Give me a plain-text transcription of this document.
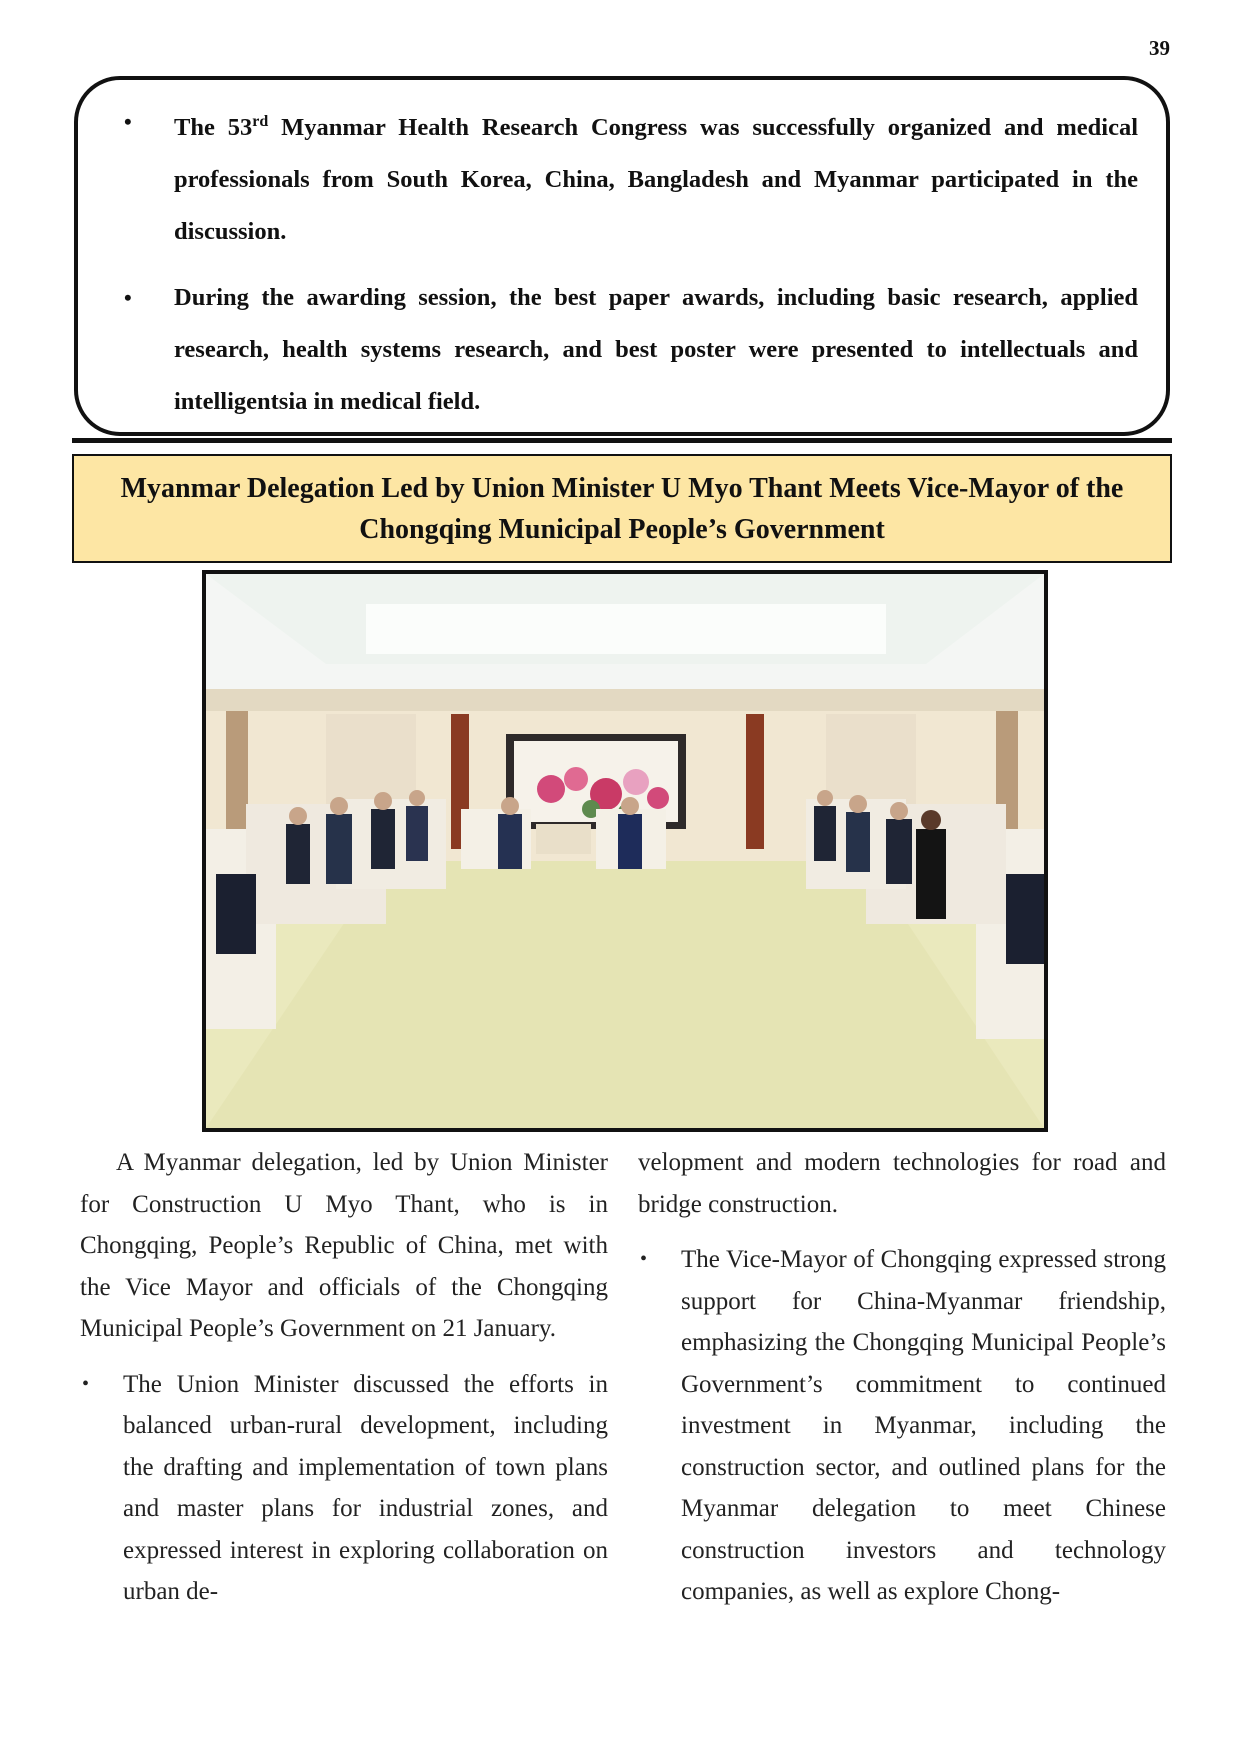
39
• The 53rd Myanmar Health Research Congress was successfully organized and medical professionals from South Korea, China, Bangladesh and Myanmar participated in the discussion.
• During the awarding session, the best paper awards, including basic research, applied research, health systems research, and best poster were presented to intellectuals and intelligentsia in medical field.
Myanmar Delegation Led by Union Minister U Myo Thant Meets Vice-Mayor of the Chongqing Municipal People’s Government

A Myanmar delegation, led by Union Minister for Construction U Myo Thant, who is in Chongqing, People’s Republic of China, met with the Vice Mayor and officials of the Chongqing Municipal People’s Government on 21 January.

• The Union Minister discussed the efforts in balanced urban-rural development, including the drafting and implementation of town plans and master plans for industrial zones, and expressed interest in exploring collaboration on urban de-

velopment and modern technologies for road and bridge construction.

• The Vice-Mayor of Chongqing expressed strong support for China-Myanmar friendship, emphasizing the Chongqing Municipal People’s Government’s commitment to continued investment in Myanmar, including the construction sector, and outlined plans for the Myanmar delegation to meet Chinese construction investors and technology companies, as well as explore Chong-
